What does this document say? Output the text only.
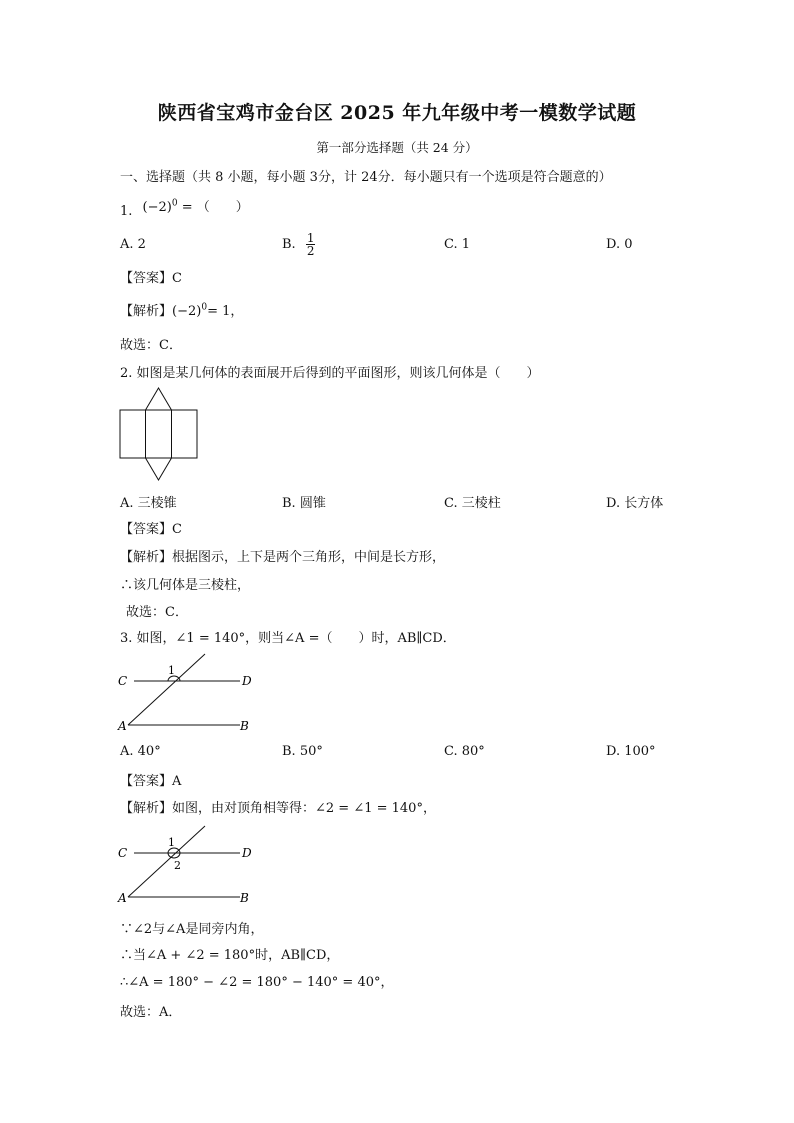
陕西省宝鸡市金台区 2025 年九年级中考一模数学试题
第一部分选择题（共 24 分）
一、选择题（共 8 小题，每小题 3分，计 24分．每小题只有一个选项是符合题意的）
1. $(-2)^0$ = （　　）
A. 2	B. $\frac{1}{2}$	C. 1	D. 0
【答案】C
【解析】$(-2)^0= 1$，
故选：C．
2. 如图是某几何体的表面展开后得到的平面图形，则该几何体是（　　）
A. 三棱锥	B. 圆锥	C. 三棱柱	D. 长方体
【答案】C
【解析】根据图示，上下是两个三角形，中间是长方形，
∴该几何体是三棱柱，
故选：C．
3. 如图，∠1 = 140°，则当∠A =（　　）时，AB∥CD．
C	D
A	B
1
A. 40°	B. 50°	C. 80°	D. 100°
【答案】A
【解析】如图，由对顶角相等得：∠2 = ∠1 = 140°，
C	D
A	B
1
2
∵∠2与∠A是同旁内角，
∴当∠A + ∠2 = 180°时，AB∥CD，
∴∠A = 180° − ∠2 = 180° − 140° = 40°，
故选：A．
